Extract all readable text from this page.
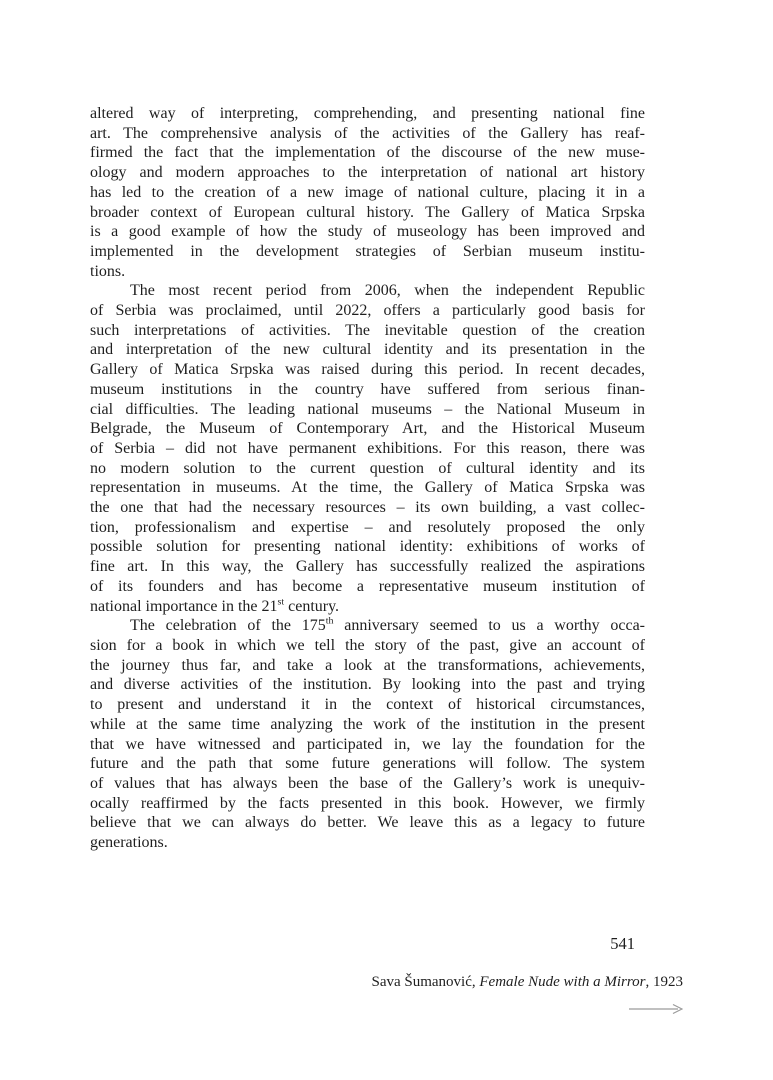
altered way of interpreting, comprehending, and presenting national fine
art. The comprehensive analysis of the activities of the Gallery has reaf-
firmed the fact that the implementation of the discourse of the new muse-
ology and modern approaches to the interpretation of national art history
has led to the creation of a new image of national culture, placing it in a
broader context of European cultural history. The Gallery of Matica Srpska
is a good example of how the study of museology has been improved and
implemented in the development strategies of Serbian museum institu-
tions.
The most recent period from 2006, when the independent Republic
of Serbia was proclaimed, until 2022, offers a particularly good basis for
such interpretations of activities. The inevitable question of the creation
and interpretation of the new cultural identity and its presentation in the
Gallery of Matica Srpska was raised during this period. In recent decades,
museum institutions in the country have suffered from serious finan-
cial difficulties. The leading national museums – the National Museum in
Belgrade, the Museum of Contemporary Art, and the Historical Museum
of Serbia – did not have permanent exhibitions. For this reason, there was
no modern solution to the current question of cultural identity and its
representation in museums. At the time, the Gallery of Matica Srpska was
the one that had the necessary resources – its own building, a vast collec-
tion, professionalism and expertise – and resolutely proposed the only
possible solution for presenting national identity: exhibitions of works of
fine art. In this way, the Gallery has successfully realized the aspirations
of its founders and has become a representative museum institution of
national importance in the 21st century.
The celebration of the 175th anniversary seemed to us a worthy occa-
sion for a book in which we tell the story of the past, give an account of
the journey thus far, and take a look at the transformations, achievements,
and diverse activities of the institution. By looking into the past and trying
to present and understand it in the context of historical circumstances,
while at the same time analyzing the work of the institution in the present
that we have witnessed and participated in, we lay the foundation for the
future and the path that some future generations will follow. The system
of values that has always been the base of the Gallery’s work is unequiv-
ocally reaffirmed by the facts presented in this book. However, we firmly
believe that we can always do better. We leave this as a legacy to future
generations.
541
Sava Šumanović, Female Nude with a Mirror, 1923
